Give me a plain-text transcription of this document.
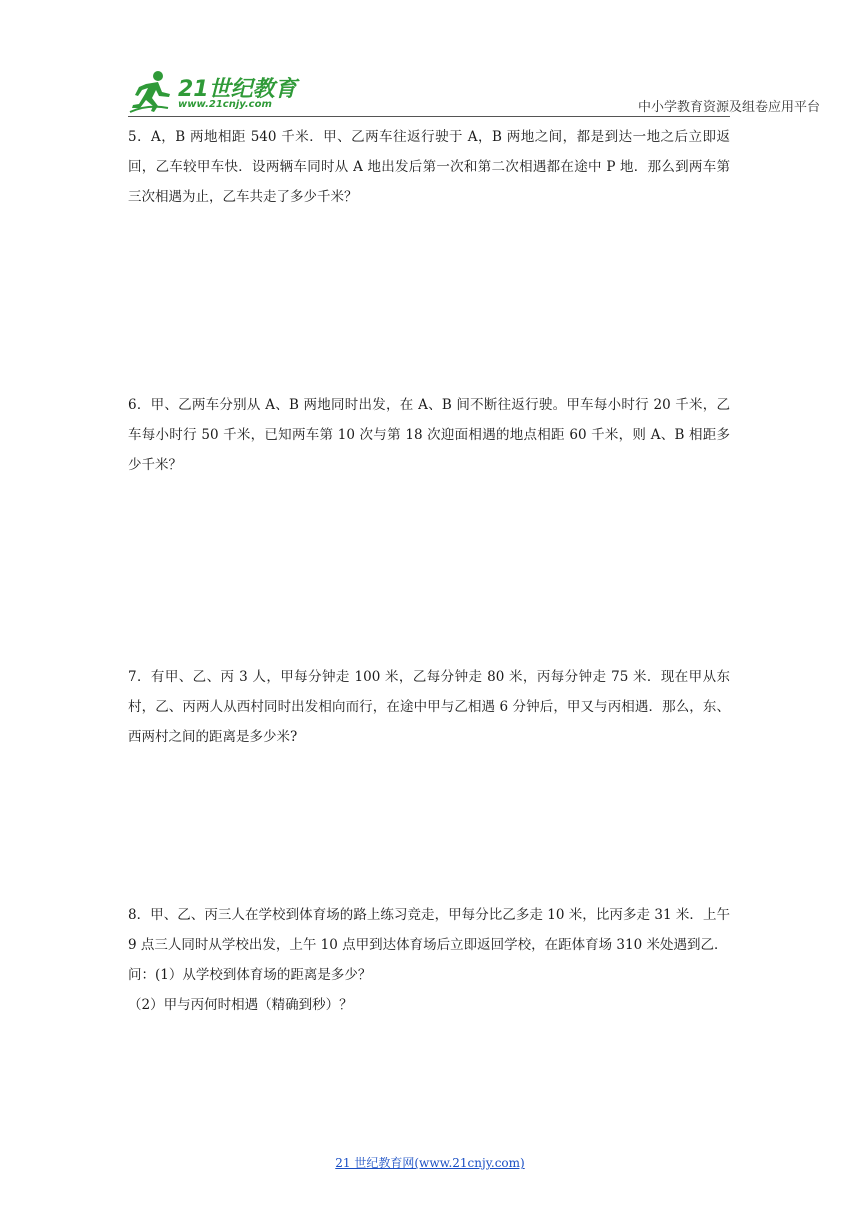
21世纪教育
www.21cnjy.com	中小学教育资源及组卷应用平台
5．A，B 两地相距 540 千米．甲、乙两车往返行驶于 A，B 两地之间，都是到达一地之后立即返回，乙车较甲车快．设两辆车同时从 A 地出发后第一次和第二次相遇都在途中 P 地．那么到两车第三次相遇为止，乙车共走了多少千米？
6．甲、乙两车分别从 A、B 两地同时出发，在 A、B 间不断往返行驶。甲车每小时行 20 千米，乙车每小时行 50 千米，已知两车第 10 次与第 18 次迎面相遇的地点相距 60 千米，则 A、B 相距多少千米？
7．有甲、乙、丙 3 人，甲每分钟走 100 米，乙每分钟走 80 米，丙每分钟走 75 米．现在甲从东村，乙、丙两人从西村同时出发相向而行，在途中甲与乙相遇 6 分钟后，甲又与丙相遇．那么，东、西两村之间的距离是多少米?
8．甲、乙、丙三人在学校到体育场的路上练习竞走，甲每分比乙多走 10 米，比丙多走 31 米．上午 9 点三人同时从学校出发，上午 10 点甲到达体育场后立即返回学校，在距体育场 310 米处遇到乙．
问：(1）从学校到体育场的距离是多少？
（2）甲与丙何时相遇（精确到秒）？
21 世纪教育网(www.21cnjy.com)
